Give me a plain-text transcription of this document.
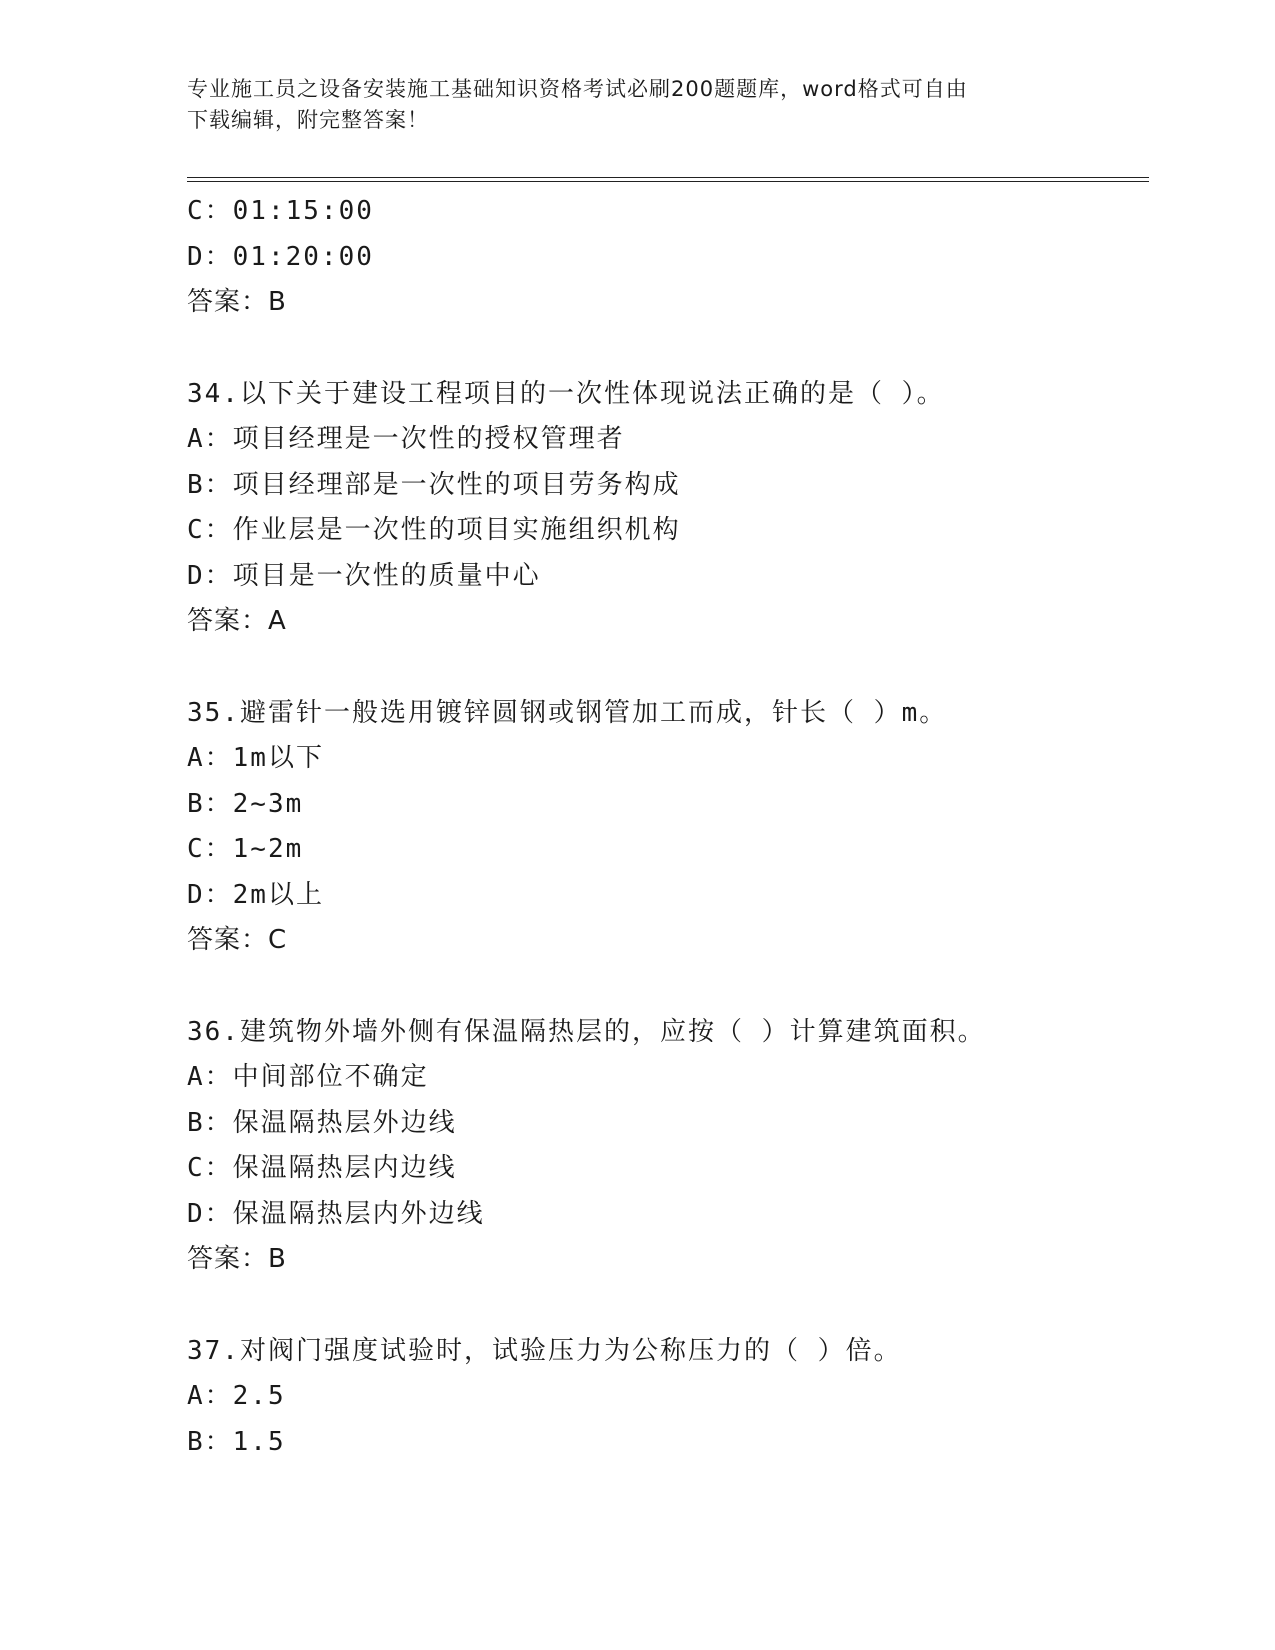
专业施工员之设备安装施工基础知识资格考试必刷200题题库，word格式可自由
下载编辑，附完整答案！
C：01:15:00
D：01:20:00
答案：B
34.以下关于建设工程项目的一次性体现说法正确的是（ ）。
A：项目经理是一次性的授权管理者
B：项目经理部是一次性的项目劳务构成
C：作业层是一次性的项目实施组织机构
D：项目是一次性的质量中心
答案：A
35.避雷针一般选用镀锌圆钢或钢管加工而成，针长（ ）m。
A：1m以下
B：2~3m
C：1~2m
D：2m以上
答案：C
36.建筑物外墙外侧有保温隔热层的，应按（ ）计算建筑面积。
A：中间部位不确定
B：保温隔热层外边线
C：保温隔热层内边线
D：保温隔热层内外边线
答案：B
37.对阀门强度试验时，试验压力为公称压力的（ ）倍。
A：2.5
B：1.5
